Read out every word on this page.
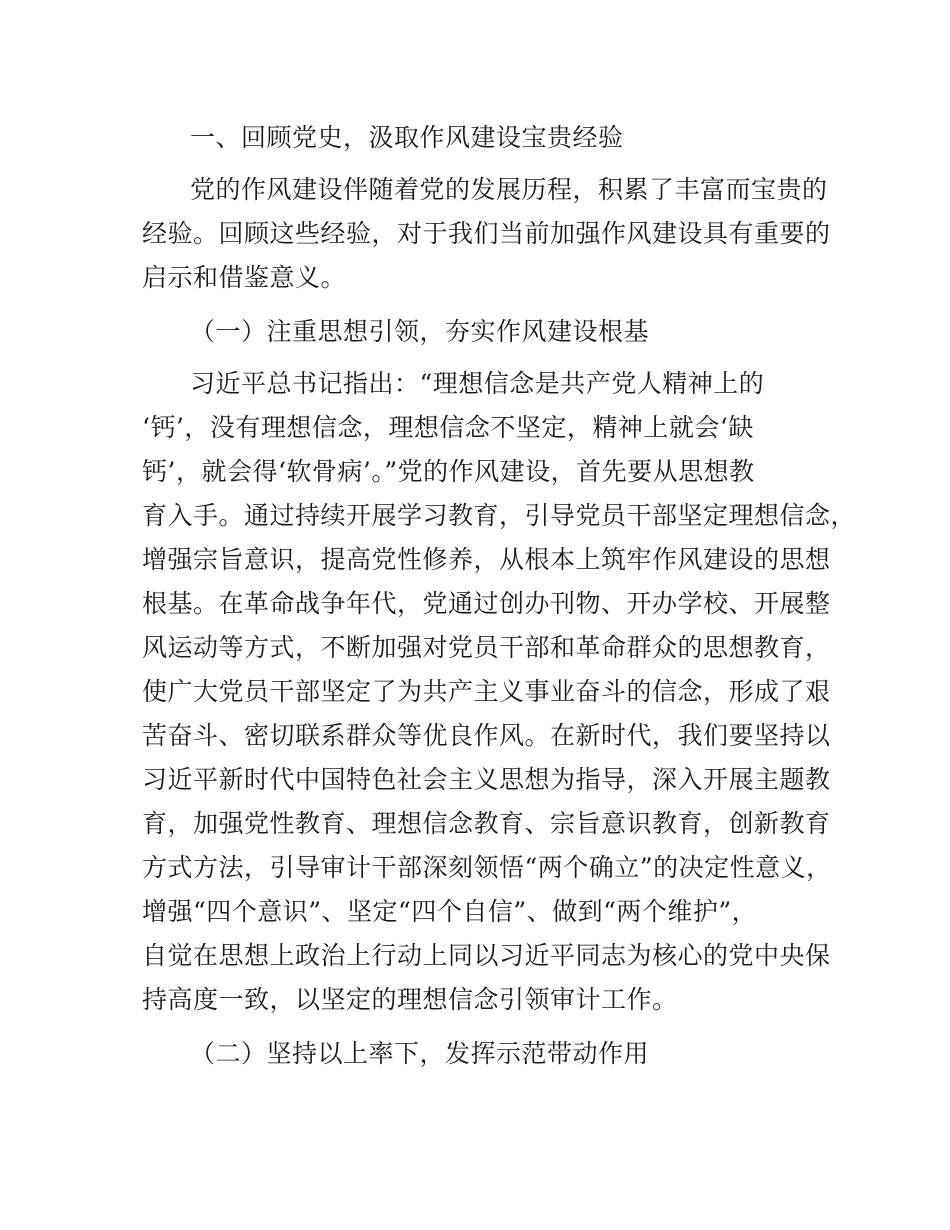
一、回顾党史，汲取作风建设宝贵经验
党的作风建设伴随着党的发展历程，积累了丰富而宝贵的
经验。回顾这些经验，对于我们当前加强作风建设具有重要的
启示和借鉴意义。
（一）注重思想引领，夯实作风建设根基
习近平总书记指出：“理想信念是共产党人精神上的
‘钙’，没有理想信念，理想信念不坚定，精神上就会‘缺
钙’，就会得‘软骨病’。”党的作风建设，首先要从思想教
育入手。通过持续开展学习教育，引导党员干部坚定理想信念，
增强宗旨意识，提高党性修养，从根本上筑牢作风建设的思想
根基。在革命战争年代，党通过创办刊物、开办学校、开展整
风运动等方式，不断加强对党员干部和革命群众的思想教育，
使广大党员干部坚定了为共产主义事业奋斗的信念，形成了艰
苦奋斗、密切联系群众等优良作风。在新时代，我们要坚持以
习近平新时代中国特色社会主义思想为指导，深入开展主题教
育，加强党性教育、理想信念教育、宗旨意识教育，创新教育
方式方法，引导审计干部深刻领悟“两个确立”的决定性意义，
增强“四个意识”、坚定“四个自信”、做到“两个维护”，
自觉在思想上政治上行动上同以习近平同志为核心的党中央保
持高度一致，以坚定的理想信念引领审计工作。
（二）坚持以上率下，发挥示范带动作用
